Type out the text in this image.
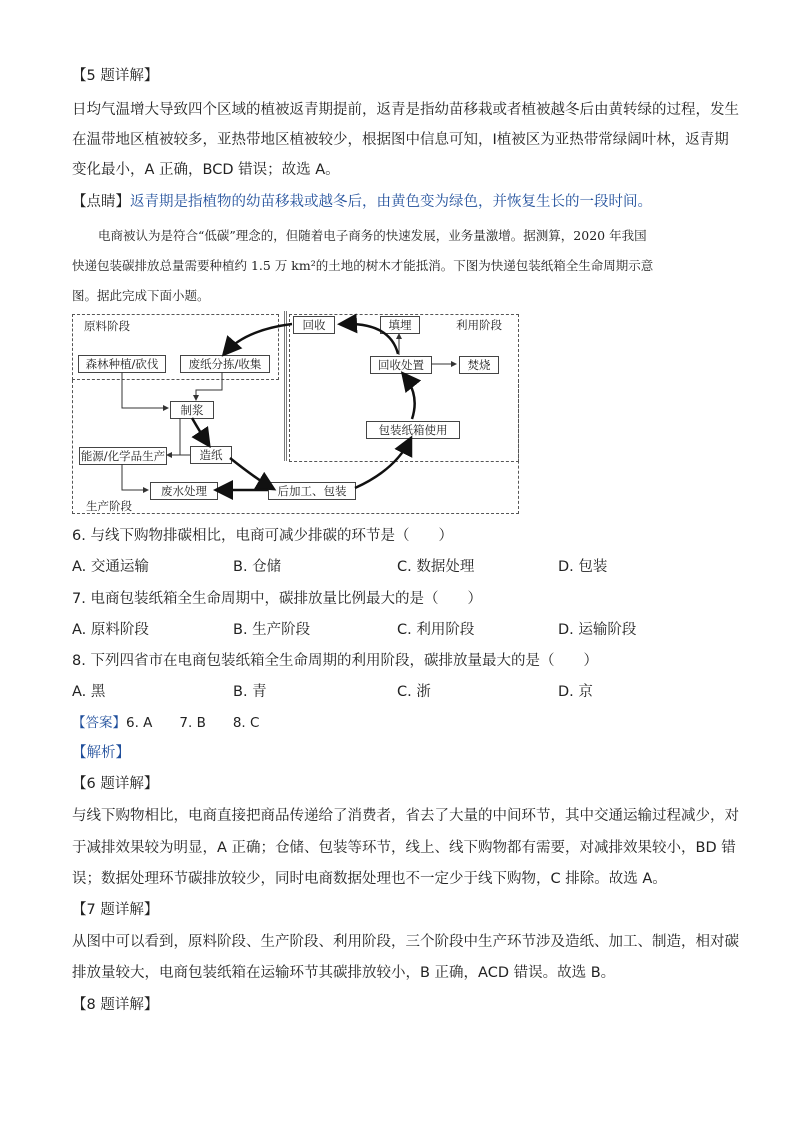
【5 题详解】
日均气温增大导致四个区域的植被返青期提前，返青是指幼苗移栽或者植被越冬后由黄转绿的过程，发生
在温带地区植被较多，亚热带地区植被较少，根据图中信息可知，Ⅰ植被区为亚热带常绿阔叶林，返青期
变化最小，A 正确，BCD 错误；故选 A。
【点睛】返青期是指植物的幼苗移栽或越冬后，由黄色变为绿色，并恢复生长的一段时间。
电商被认为是符合“低碳”理念的，但随着电子商务的快速发展，业务量激增。据测算，2020 年我国
快递包装碳排放总量需要种植约 1.5 万 km²的土地的树木才能抵消。下图为快递包装纸箱全生命周期示意
图。据此完成下面小题。
原料阶段	利用阶段
生产阶段
森林种植/砍伐	废纸分拣/收集
回收	填埋
回收处置	焚烧
包装纸箱使用
制浆
能源/化学品生产	造纸
废水处理	后加工、包装
6. 与线下购物排碳相比，电商可减少排碳的环节是（　　）
A. 交通运输	B. 仓储	C. 数据处理	D. 包装
7. 电商包装纸箱全生命周期中，碳排放量比例最大的是（　　）
A. 原料阶段	B. 生产阶段	C. 利用阶段	D. 运输阶段
8. 下列四省市在电商包装纸箱全生命周期的利用阶段，碳排放量最大的是（　　）
A. 黑	B. 青	C. 浙	D. 京
【答案】6. A　　7. B　　8. C
【解析】
【6 题详解】
与线下购物相比，电商直接把商品传递给了消费者，省去了大量的中间环节，其中交通运输过程减少，对
于减排效果较为明显，A 正确；仓储、包装等环节，线上、线下购物都有需要，对减排效果较小，BD 错
误；数据处理环节碳排放较少，同时电商数据处理也不一定少于线下购物，C 排除。故选 A。
【7 题详解】
从图中可以看到，原料阶段、生产阶段、利用阶段，三个阶段中生产环节涉及造纸、加工、制造，相对碳
排放量较大，电商包装纸箱在运输环节其碳排放较小，B 正确，ACD 错误。故选 B。
【8 题详解】
